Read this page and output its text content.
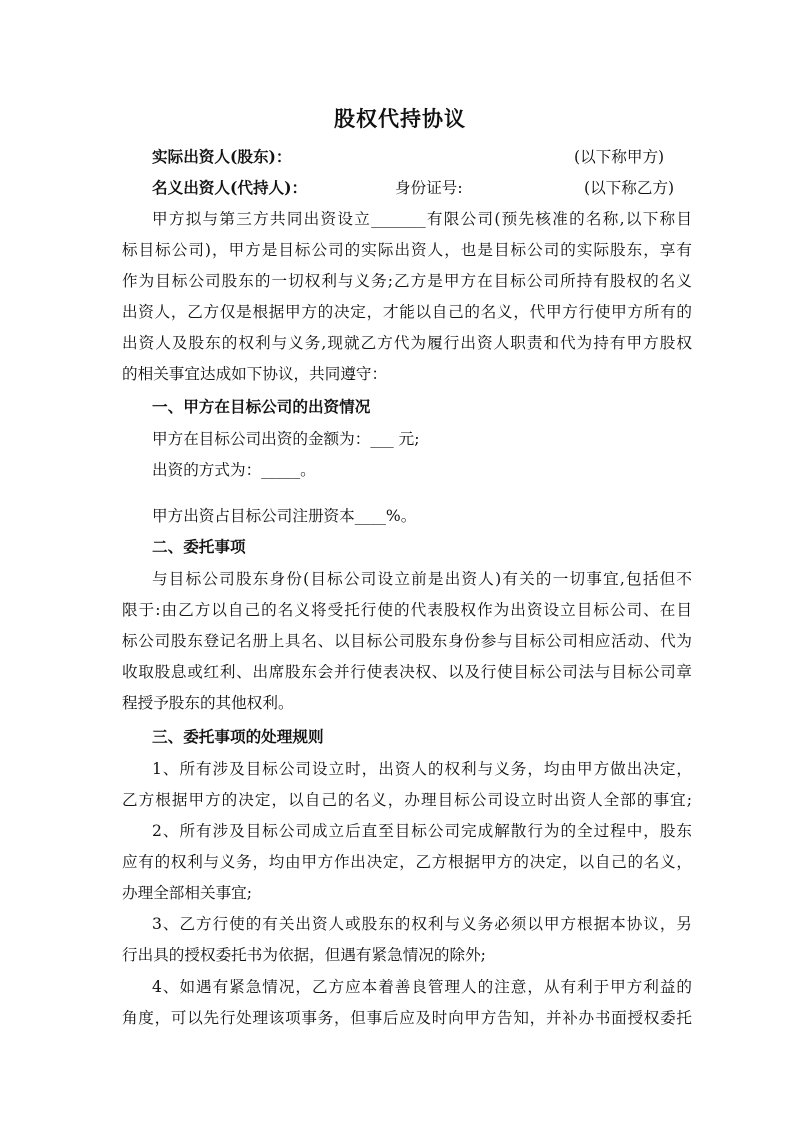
股权代持协议
实际出资人(股东)：	(以下称甲方)
名义出资人(代持人)：	身份证号:	(以下称乙方)
甲方拟与第三方共同出资设立_______有限公司(预先核准的名称,以下称目
标目标公司)，甲方是目标公司的实际出资人，也是目标公司的实际股东，享有
作为目标公司股东的一切权利与义务;乙方是甲方在目标公司所持有股权的名义
出资人，乙方仅是根据甲方的决定，才能以自己的名义，代甲方行使甲方所有的
出资人及股东的权利与义务,现就乙方代为履行出资人职责和代为持有甲方股权
的相关事宜达成如下协议，共同遵守：
一、甲方在目标公司的出资情况
甲方在目标公司出资的金额为：___ 元;
出资的方式为：_____。
甲方出资占目标公司注册资本____%。
二、委托事项
与目标公司股东身份(目标公司设立前是出资人)有关的一切事宜,包括但不
限于:由乙方以自己的名义将受托行使的代表股权作为出资设立目标公司、在目
标公司股东登记名册上具名、以目标公司股东身份参与目标公司相应活动、代为
收取股息或红利、出席股东会并行使表决权、以及行使目标公司法与目标公司章
程授予股东的其他权利。
三、委托事项的处理规则
1、所有涉及目标公司设立时，出资人的权利与义务，均由甲方做出决定，
乙方根据甲方的决定，以自己的名义，办理目标公司设立时出资人全部的事宜;
2、所有涉及目标公司成立后直至目标公司完成解散行为的全过程中，股东
应有的权利与义务，均由甲方作出决定，乙方根据甲方的决定，以自己的名义，
办理全部相关事宜;
3、乙方行使的有关出资人或股东的权利与义务必须以甲方根据本协议，另
行出具的授权委托书为依据，但遇有紧急情况的除外;
4、如遇有紧急情况，乙方应本着善良管理人的注意，从有利于甲方利益的
角度，可以先行处理该项事务，但事后应及时向甲方告知，并补办书面授权委托
